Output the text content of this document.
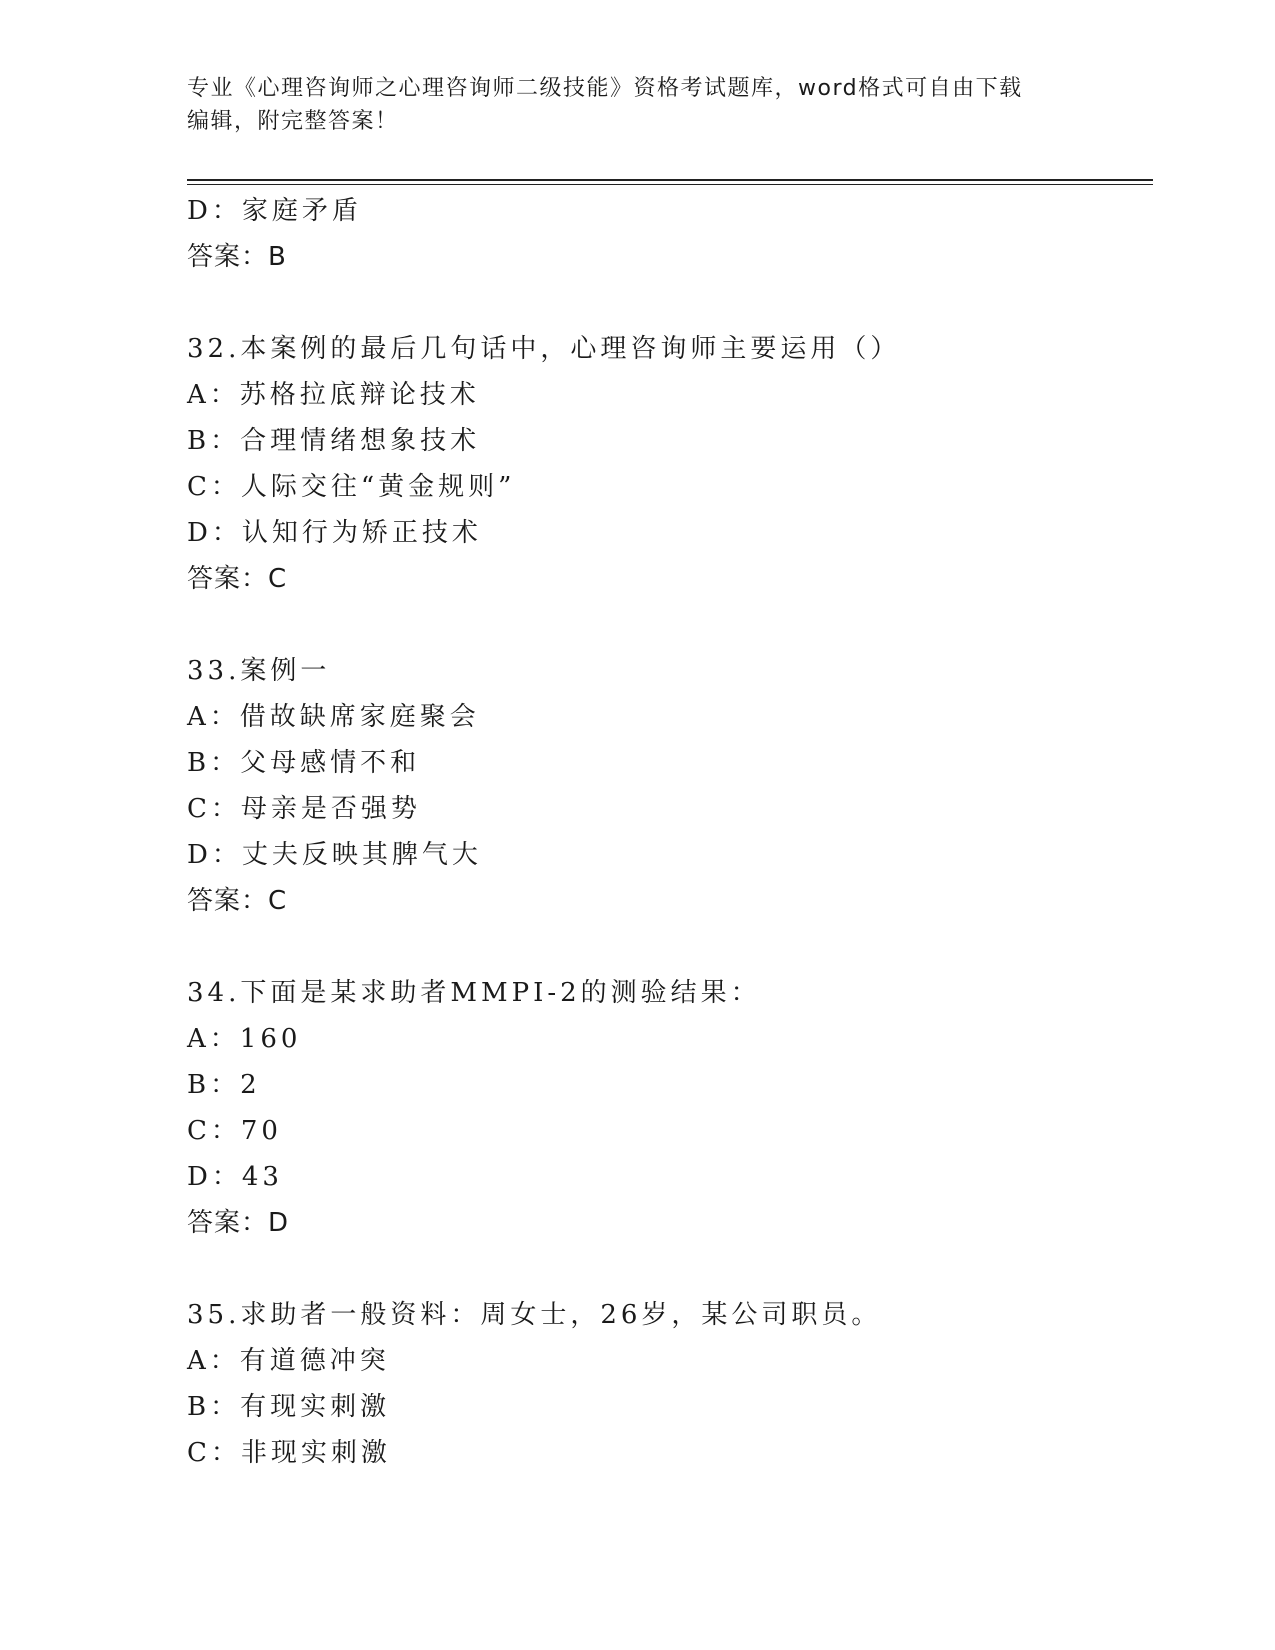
专业《心理咨询师之心理咨询师二级技能》资格考试题库，word格式可自由下载
编辑，附完整答案！
D：家庭矛盾
答案：B
32.本案例的最后几句话中，心理咨询师主要运用（）
A：苏格拉底辩论技术
B：合理情绪想象技术
C：人际交往“黄金规则”
D：认知行为矫正技术
答案：C
33.案例一
A：借故缺席家庭聚会
B：父母感情不和
C：母亲是否强势
D：丈夫反映其脾气大
答案：C
34.下面是某求助者MMPI-2的测验结果：
A：160
B：2
C：70
D：43
答案：D
35.求助者一般资料：周女士，26岁，某公司职员。
A：有道德冲突
B：有现实刺激
C：非现实刺激
